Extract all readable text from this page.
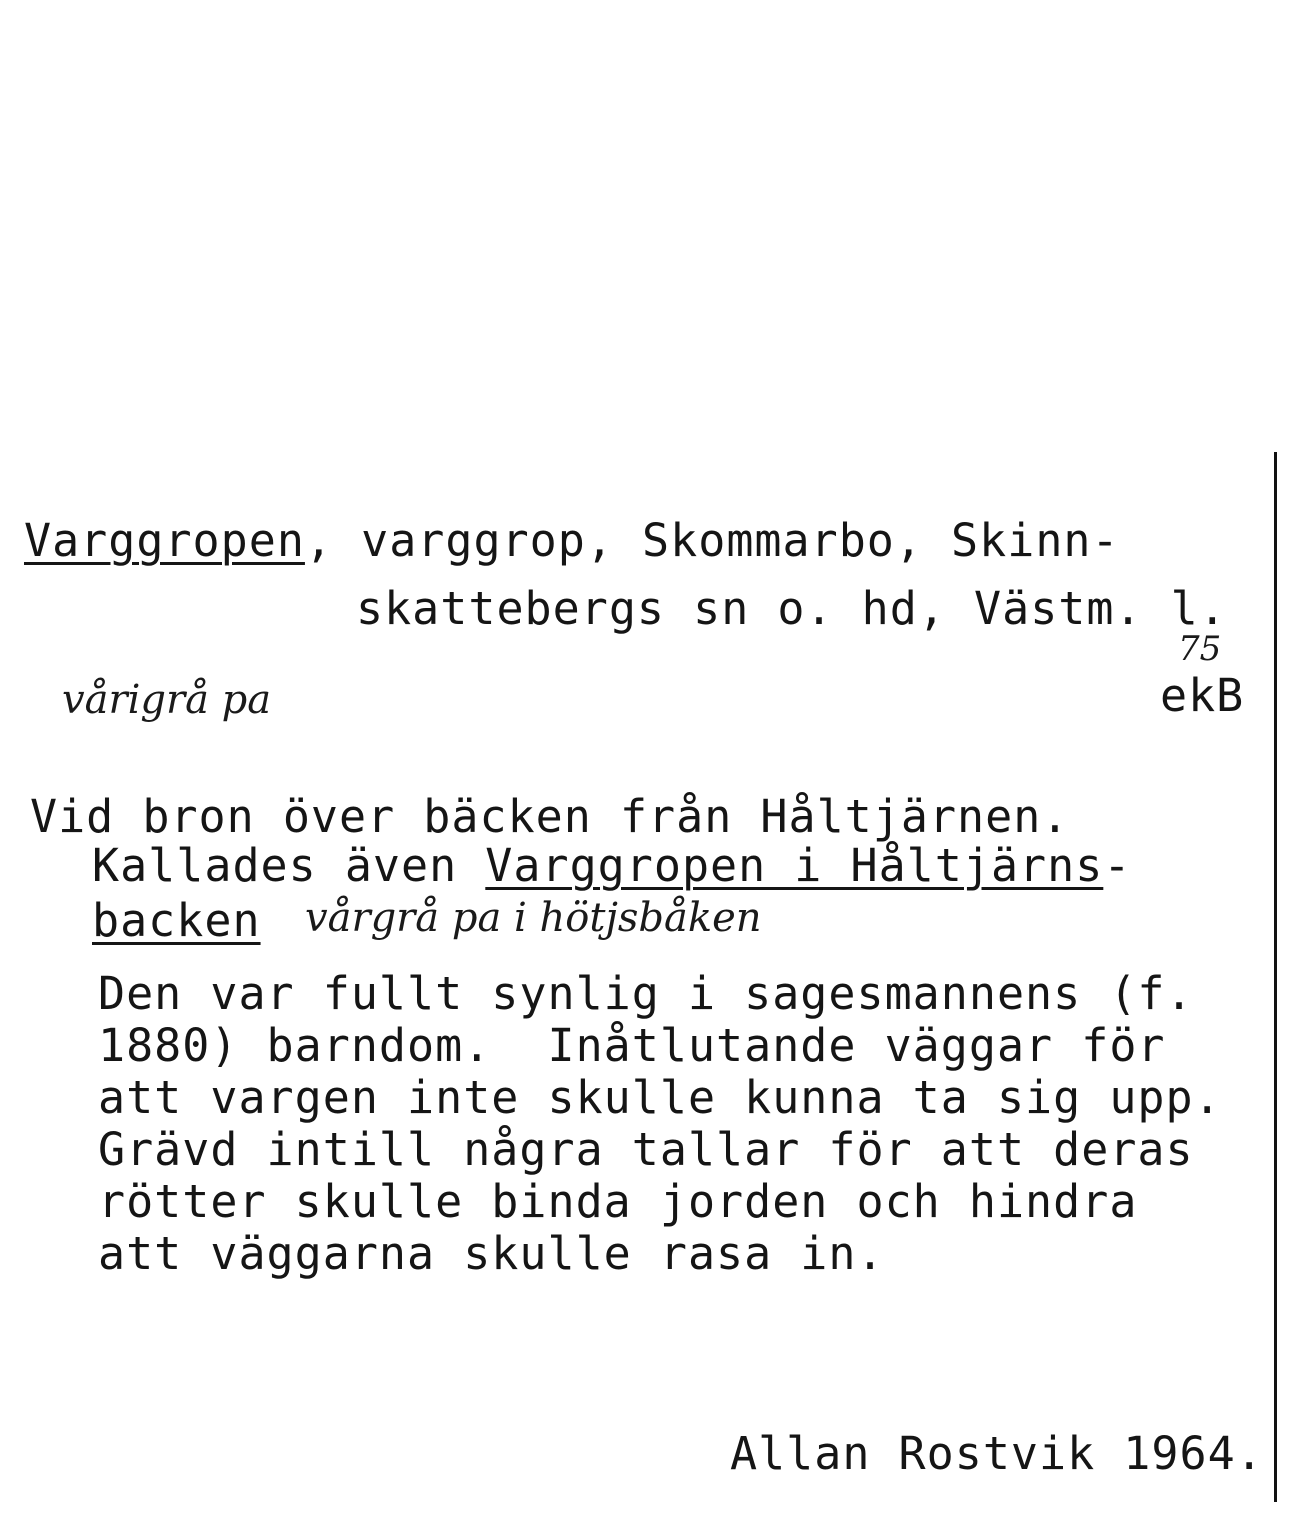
Varggropen, varggrop, Skommarbo, Skinn-
skattebergs sn o. hd, Västm. l.
75
vårigrå pa	ekB
Vid bron över bäcken från Håltjärnen.
Kallades även Varggropen i Håltjärns-
backen vårgrå pa i hötjsbåken
Den var fullt synlig i sagesmannens (f.
1880) barndom.  Inåtlutande väggar för
att vargen inte skulle kunna ta sig upp.
Grävd intill några tallar för att deras
rötter skulle binda jorden och hindra
att väggarna skulle rasa in.
Allan Rostvik 1964.
